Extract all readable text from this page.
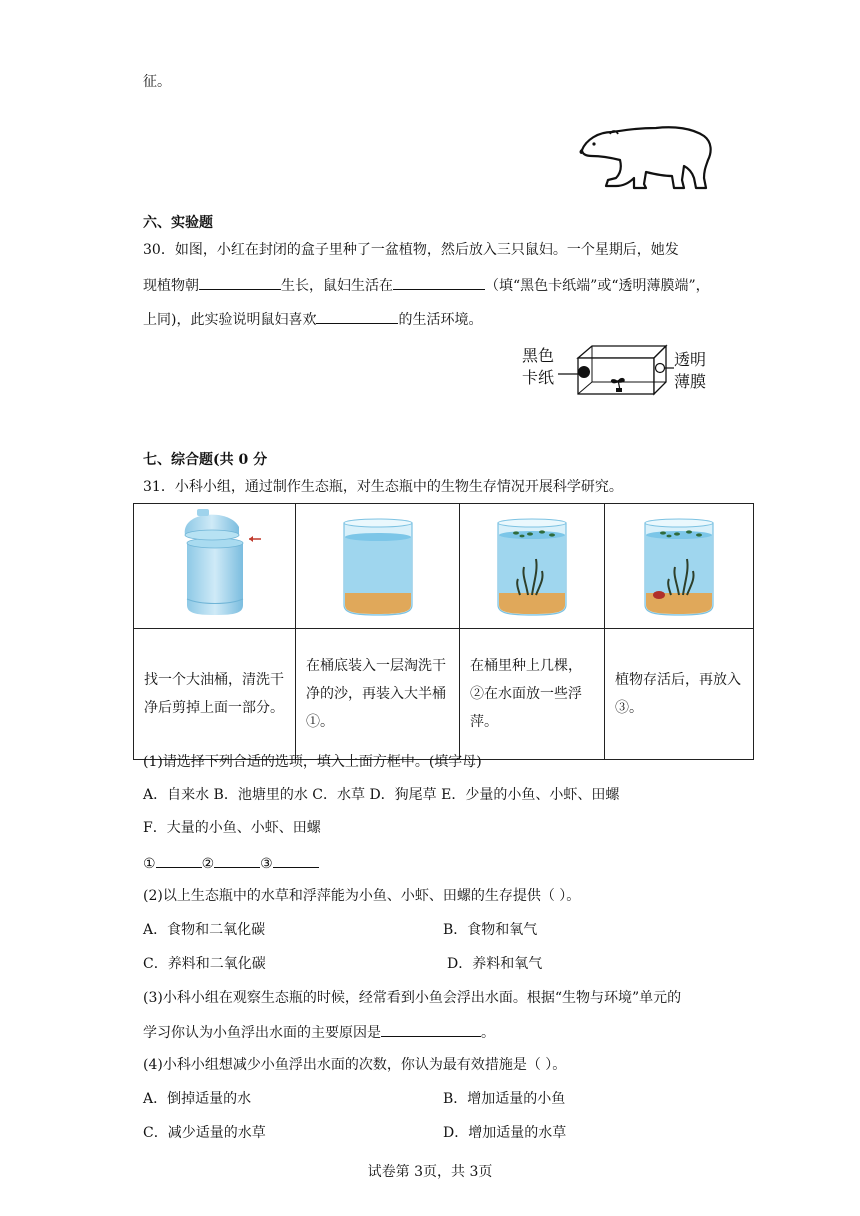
征。
六、实验题
30．如图，小红在封闭的盒子里种了一盆植物，然后放入三只鼠妇。一个星期后，她发
现植物朝	生长，鼠妇生活在	（填“黑色卡纸端”或“透明薄膜端”，
上同)，此实验说明鼠妇喜欢	的生活环境。
黑色
卡纸
透明
薄膜
七、综合题(共 0 分
31．小科小组，通过制作生态瓶，对生态瓶中的生物生存情况开展科学研究。

找一个大油桶，清洗干净后剪掉上面一部分。	在桶底装入一层淘洗干净的沙，再装入大半桶①。	在桶里种上几棵，②在水面放一些浮萍。	植物存活后，再放入③。
(1)请选择下列合适的选项，填入上面方框中。(填字母)
A．自来水 B．池塘里的水 C．水草 D．狗尾草 E．少量的小鱼、小虾、田螺
F．大量的小鱼、小虾、田螺
①	②	③
(2)以上生态瓶中的水草和浮萍能为小鱼、小虾、田螺的生存提供（ ）。
A．食物和二氧化碳	B．食物和氧气
C．养料和二氧化碳	D．养料和氧气
(3)小科小组在观察生态瓶的时候，经常看到小鱼会浮出水面。根据“生物与环境”单元的
学习你认为小鱼浮出水面的主要原因是	。
(4)小科小组想减少小鱼浮出水面的次数，你认为最有效措施是（ ）。
A．倒掉适量的水	B．增加适量的小鱼
C．减少适量的水草	D．增加适量的水草
试卷第 3页，共 3页
